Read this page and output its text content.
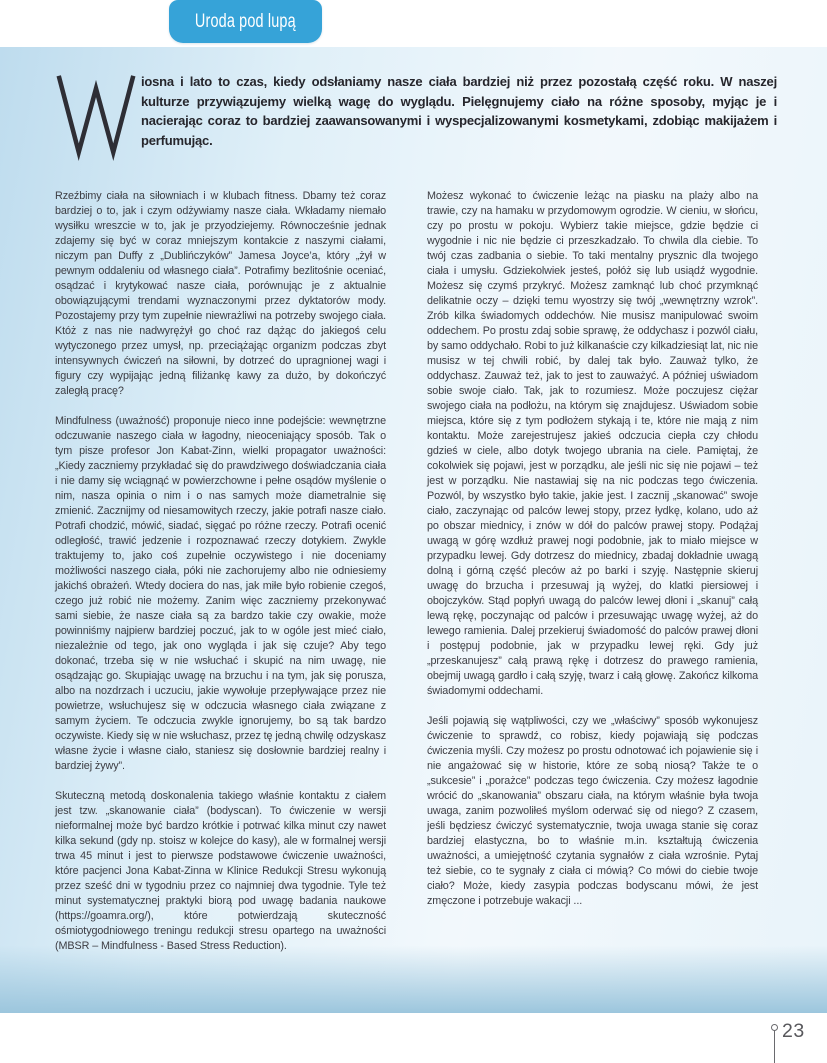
Uroda pod lupą
iosna i lato to czas, kiedy odsłaniamy nasze ciała bardziej niż przez pozostałą część roku. W naszej kulturze przywiązujemy wielką wagę do wyglądu. Pielęgnujemy ciało na różne sposoby, myjąc je i nacierając coraz to bardziej zaawansowanymi i wyspecjalizowanymi kosmetykami, zdobiąc makijażem i perfumując.

Rzeźbimy ciała na siłowniach i w klubach fitness. Dbamy też coraz bardziej o to, jak i czym odżywiamy nasze ciała. Wkładamy niemało wysiłku wreszcie w to, jak je przyodziejemy. Równocześnie jednak zdajemy się być w coraz mniejszym kontakcie z naszymi ciałami, niczym pan Duffy z „Dublińczyków” Jamesa Joyce’a, który „żył w pewnym oddaleniu od własnego ciała”. Potrafimy bezlitośnie oceniać, osądzać i krytykować nasze ciała, porównując je z aktualnie obowiązującymi trendami wyznaczonymi przez dyktatorów mody. Pozostajemy przy tym zupełnie niewrażliwi na potrzeby swojego ciała. Któż z nas nie nadwyrężył go choć raz dążąc do jakiegoś celu wytyczonego przez umysł, np. przeciążając organizm podczas zbyt intensywnych ćwiczeń na siłowni, by dotrzeć do upragnionej wagi i figury czy wypijając jedną filiżankę kawy za dużo, by dokończyć zaległą pracę?

Mindfulness (uważność) proponuje nieco inne podejście: wewnętrzne odczuwanie naszego ciała w łagodny, nieoceniający sposób. Tak o tym pisze profesor Jon Kabat-Zinn, wielki propagator uważności: „Kiedy zaczniemy przykładać się do prawdziwego doświadczania ciała i nie damy się wciągnąć w powierzchowne i pełne osądów myślenie o nim, nasza opinia o nim i o nas samych może diametralnie się zmienić. Zacznijmy od niesamowitych rzeczy, jakie potrafi nasze ciało. Potrafi chodzić, mówić, siadać, sięgać po różne rzeczy. Potrafi ocenić odległość, trawić jedzenie i rozpoznawać rzeczy dotykiem. Zwykle traktujemy to, jako coś zupełnie oczywistego i nie doceniamy możliwości naszego ciała, póki nie zachorujemy albo nie odniesiemy jakichś obrażeń. Wtedy dociera do nas, jak miłe było robienie czegoś, czego już robić nie możemy. Zanim więc zaczniemy przekonywać sami siebie, że nasze ciała są za bardzo takie czy owakie, może powinniśmy najpierw bardziej poczuć, jak to w ogóle jest mieć ciało, niezależnie od tego, jak ono wygląda i jak się czuje? Aby tego dokonać, trzeba się w nie wsłuchać i skupić na nim uwagę, nie osądzając go. Skupiając uwagę na brzuchu i na tym, jak się porusza, albo na nozdrzach i uczuciu, jakie wywołuje przepływające przez nie powietrze, wsłuchujesz się w odczucia własnego ciała związane z samym życiem. Te odczucia zwykle ignorujemy, bo są tak bardzo oczywiste. Kiedy się w nie wsłuchasz, przez tę jedną chwilę odzyskasz własne życie i własne ciało, staniesz się dosłownie bardziej realny i bardziej żywy”.

Skuteczną metodą doskonalenia takiego właśnie kontaktu z ciałem jest tzw. „skanowanie ciała” (bodyscan). To ćwiczenie w wersji nieformalnej może być bardzo krótkie i potrwać kilka minut czy nawet kilka sekund (gdy np. stoisz w kolejce do kasy), ale w formalnej wersji trwa 45 minut i jest to pierwsze podstawowe ćwiczenie uważności, które pacjenci Jona Kabat-Zinna w Klinice Redukcji Stresu wykonują przez sześć dni w tygodniu przez co najmniej dwa tygodnie. Tyle też minut systematycznej praktyki biorą pod uwagę badania naukowe (https://goamra.org/), które potwierdzają skuteczność ośmiotygodniowego treningu redukcji stresu opartego na uważności (MBSR – Mindfulness - Based Stress Reduction).

Możesz wykonać to ćwiczenie leżąc na piasku na plaży albo na trawie, czy na hamaku w przydomowym ogrodzie. W cieniu, w słońcu, czy po prostu w pokoju. Wybierz takie miejsce, gdzie będzie ci wygodnie i nic nie będzie ci przeszkadzało. To chwila dla ciebie. To twój czas zadbania o siebie. To taki mentalny prysznic dla twojego ciała i umysłu. Gdziekolwiek jesteś, połóż się lub usiądź wygodnie. Możesz się czymś przykryć. Możesz zamknąć lub choć przymknąć delikatnie oczy – dzięki temu wyostrzy się twój „wewnętrzny wzrok”. Zrób kilka świadomych oddechów. Nie musisz manipulować swoim oddechem. Po prostu zdaj sobie sprawę, że oddychasz i pozwól ciału, by samo oddychało. Robi to już kilkanaście czy kilkadziesiąt lat, nic nie musisz w tej chwili robić, by dalej tak było. Zauważ tylko, że oddychasz. Zauważ też, jak to jest to zauważyć. A później uświadom sobie swoje ciało. Tak, jak to rozumiesz. Może poczujesz ciężar swojego ciała na podłożu, na którym się znajdujesz. Uświadom sobie miejsca, które się z tym podłożem stykają i te, które nie mają z nim kontaktu. Może zarejestrujesz jakieś odczucia ciepła czy chłodu gdzieś w ciele, albo dotyk twojego ubrania na ciele. Pamiętaj, że cokolwiek się pojawi, jest w porządku, ale jeśli nic się nie pojawi – też jest w porządku. Nie nastawiaj się na nic podczas tego ćwiczenia. Pozwól, by wszystko było takie, jakie jest. I zacznij „skanować” swoje ciało, zaczynając od palców lewej stopy, przez łydkę, kolano, udo aż po obszar miednicy, i znów w dół do palców prawej stopy. Podążaj uwagą w górę wzdłuż prawej nogi podobnie, jak to miało miejsce w przypadku lewej. Gdy dotrzesz do miednicy, zbadaj dokładnie uwagą dolną i górną część pleców aż po barki i szyję. Następnie skieruj uwagę do brzucha i przesuwaj ją wyżej, do klatki piersiowej i obojczyków. Stąd popłyń uwagą do palców lewej dłoni i „skanuj” całą lewą rękę, poczynając od palców i przesuwając uwagę wyżej, aż do lewego ramienia. Dalej przekieruj świadomość do palców prawej dłoni i postępuj podobnie, jak w przypadku lewej ręki. Gdy już „przeskanujesz” całą prawą rękę i dotrzesz do prawego ramienia, obejmij uwagą gardło i całą szyję, twarz i całą głowę. Zakończ kilkoma świadomymi oddechami.

Jeśli pojawią się wątpliwości, czy we „właściwy” sposób wykonujesz ćwiczenie to sprawdź, co robisz, kiedy pojawiają się podczas ćwiczenia myśli. Czy możesz po prostu odnotować ich pojawienie się i nie angażować się w historie, które ze sobą niosą? Także te o „sukcesie” i „porażce” podczas tego ćwiczenia. Czy możesz łagodnie wrócić do „skanowania” obszaru ciała, na którym właśnie była twoja uwaga, zanim pozwoliłeś myślom oderwać się od niego? Z czasem, jeśli będziesz ćwiczyć systematycznie, twoja uwaga stanie się coraz bardziej elastyczna, bo to właśnie m.in. kształtują ćwiczenia uważności, a umiejętność czytania sygnałów z ciała wzrośnie. Pytaj też siebie, co te sygnały z ciała ci mówią? Co mówi do ciebie twoje ciało? Może, kiedy zasypia podczas bodyscanu mówi, że jest zmęczone i potrzebuje wakacji ...

23
